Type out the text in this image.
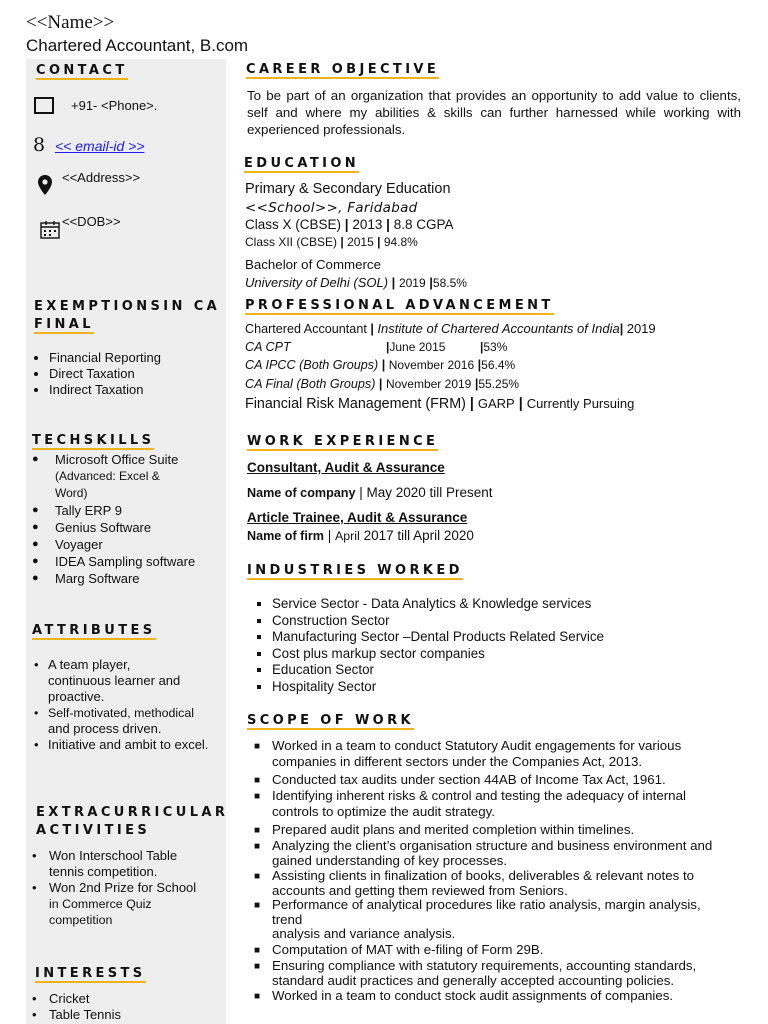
<<Name>>
Chartered Accountant, B.com
CONTACT
+91- <Phone>.
8 << email-id >>
<<Address>>
<<DOB>>
EXEMPTIONSIN CA
FINAL
• Financial Reporting
• Direct Taxation
• Indirect Taxation
TECHSKILLS
● Microsoft Office Suite
(Advanced: Excel &
Word)
● Tally ERP 9
● Genius Software
● Voyager
● IDEA Sampling software
● Marg Software
ATTRIBUTES
• A team player,
continuous learner and
proactive.
• Self-motivated, methodical
and process driven.
• Initiative and ambit to excel.
EXTRACURRICULAR
ACTIVITIES
• Won Interschool Table
tennis competition.
• Won 2nd Prize for School
in Commerce Quiz
competition
INTERESTS
• Cricket
• Table Tennis
CAREER OBJECTIVE
To be part of an organization that provides an opportunity to add value to clients, self and where my abilities & skills can further harnessed while working with experienced professionals.
EDUCATION
Primary & Secondary Education
<<School>>, Faridabad
Class X (CBSE) | 2013 | 8.8 CGPA
Class XII (CBSE) | 2015 | 94.8%
Bachelor of Commerce
University of Delhi (SOL) | 2019 |58.5%
PROFESSIONAL ADVANCEMENT
Chartered Accountant | Institute of Chartered Accountants of India| 2019
CA CPT	|June 2015	|53%
CA IPCC (Both Groups) | November 2016 |56.4%
CA Final (Both Groups) | November 2019 |55.25%
Financial Risk Management (FRM) | GARP | Currently Pursuing
WORK EXPERIENCE
Consultant, Audit & Assurance
Name of company | May 2020 till Present
Article Trainee, Audit & Assurance
Name of firm | April 2017 till April 2020
INDUSTRIES WORKED
▪ Service Sector - Data Analytics & Knowledge services
▪ Construction Sector
▪ Manufacturing Sector –Dental Products Related Service
▪ Cost plus markup sector companies
▪ Education Sector
▪ Hospitality Sector
SCOPE OF WORK
■ Worked in a team to conduct Statutory Audit engagements for various
companies in different sectors under the Companies Act, 2013.
■ Conducted tax audits under section 44AB of Income Tax Act, 1961.
■ Identifying inherent risks & control and testing the adequacy of internal
controls to optimize the audit strategy.
■ Prepared audit plans and merited completion within timelines.
■ Analyzing the client’s organisation structure and business environment and
gained understanding of key processes.
■ Assisting clients in finalization of books, deliverables & relevant notes to
accounts and getting them reviewed from Seniors.
■ Performance of analytical procedures like ratio analysis, margin analysis,
trend
analysis and variance analysis.
■ Computation of MAT with e-filing of Form 29B.
■ Ensuring compliance with statutory requirements, accounting standards,
standard audit practices and generally accepted accounting policies.
■ Worked in a team to conduct stock audit assignments of companies.
